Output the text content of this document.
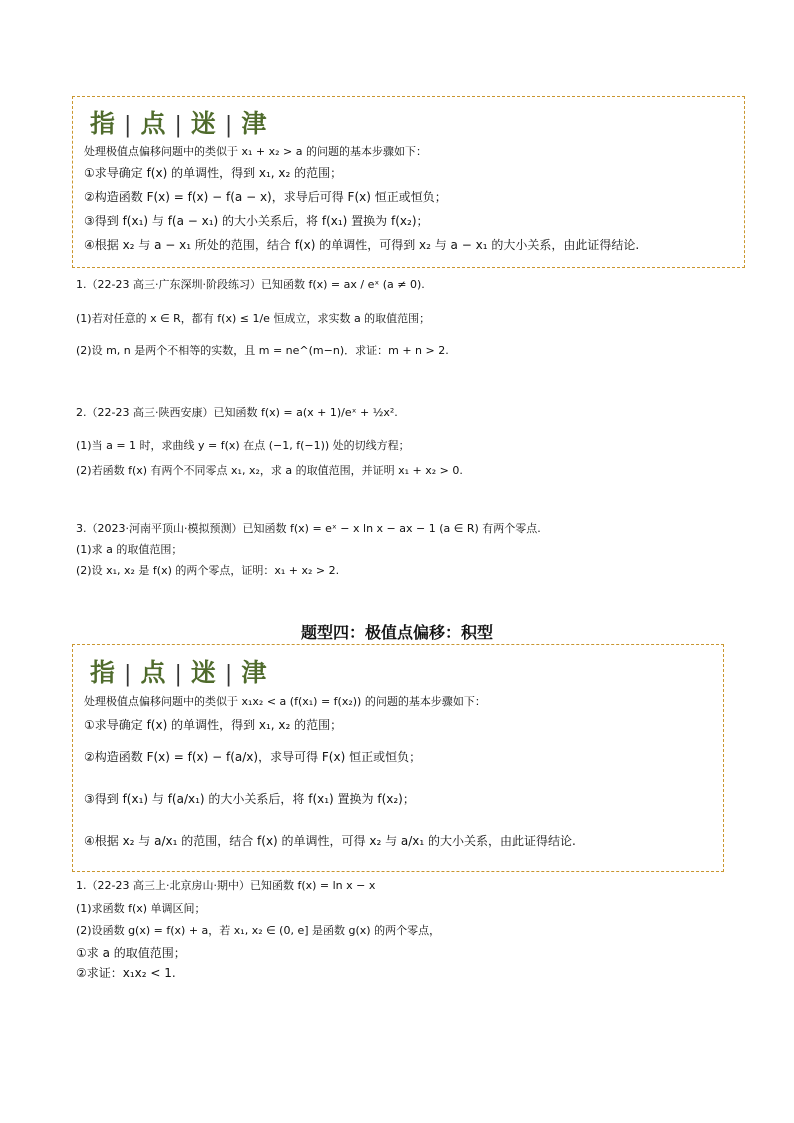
指 | 点 | 迷 | 津
处理极值点偏移问题中的类似于 x₁ + x₂ > a 的问题的基本步骤如下：
①求导确定 f(x) 的单调性，得到 x₁, x₂ 的范围；
②构造函数 F(x) = f(x) − f(a − x)，求导后可得 F(x) 恒正或恒负；
③得到 f(x₁) 与 f(a − x₁) 的大小关系后，将 f(x₁) 置换为 f(x₂)；
④根据 x₂ 与 a − x₁ 所处的范围，结合 f(x) 的单调性，可得到 x₂ 与 a − x₁ 的大小关系，由此证得结论.
1.（22-23 高三·广东深圳·阶段练习）已知函数 f(x) = ax / eˣ (a ≠ 0).
(1)若对任意的 x ∈ R，都有 f(x) ≤ 1/e 恒成立，求实数 a 的取值范围；
(2)设 m, n 是两个不相等的实数，且 m = ne^(m−n)．求证：m + n > 2.
2.（22-23 高三·陕西安康）已知函数 f(x) = a(x + 1)/eˣ + ½x².
(1)当 a = 1 时，求曲线 y = f(x) 在点 (−1, f(−1)) 处的切线方程；
(2)若函数 f(x) 有两个不同零点 x₁, x₂，求 a 的取值范围，并证明 x₁ + x₂ > 0.
3.（2023·河南平顶山·模拟预测）已知函数 f(x) = eˣ − x ln x − ax − 1 (a ∈ R) 有两个零点.
(1)求 a 的取值范围；
(2)设 x₁, x₂ 是 f(x) 的两个零点，证明：x₁ + x₂ > 2.
题型四：极值点偏移：积型
指 | 点 | 迷 | 津
处理极值点偏移问题中的类似于 x₁x₂ < a (f(x₁) = f(x₂)) 的问题的基本步骤如下：
①求导确定 f(x) 的单调性，得到 x₁, x₂ 的范围；
②构造函数 F(x) = f(x) − f(a/x)，求导可得 F(x) 恒正或恒负；
③得到 f(x₁) 与 f(a/x₁) 的大小关系后，将 f(x₁) 置换为 f(x₂)；
④根据 x₂ 与 a/x₁ 的范围，结合 f(x) 的单调性，可得 x₂ 与 a/x₁ 的大小关系，由此证得结论.
1.（22-23 高三上·北京房山·期中）已知函数 f(x) = ln x − x
(1)求函数 f(x) 单调区间；
(2)设函数 g(x) = f(x) + a，若 x₁, x₂ ∈ (0, e] 是函数 g(x) 的两个零点，
①求 a 的取值范围；
②求证：x₁x₂ < 1.
